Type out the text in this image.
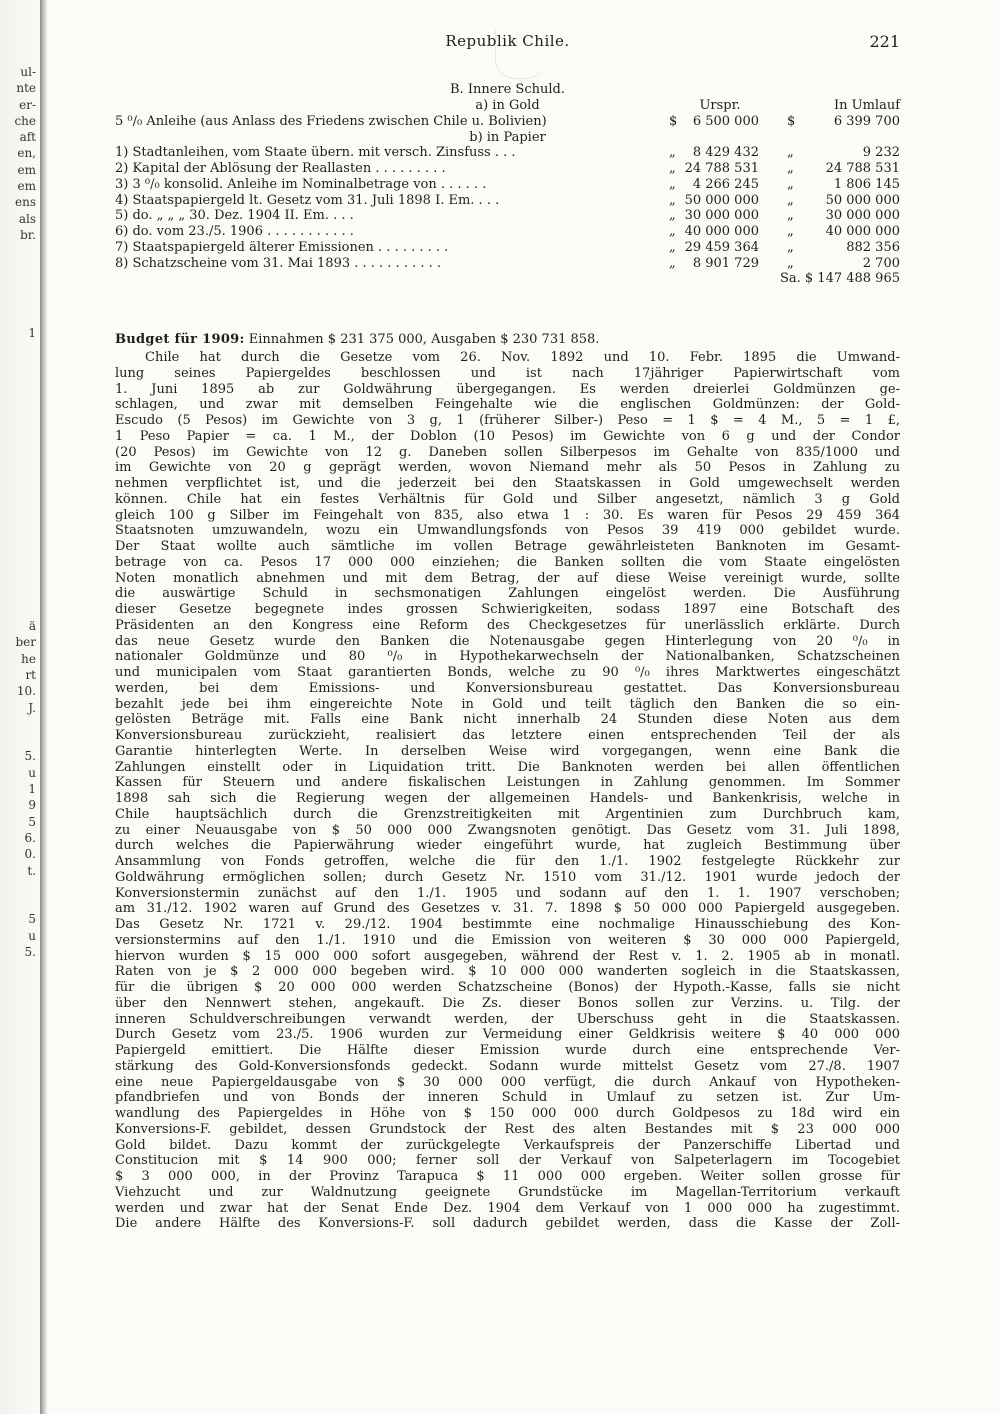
ul-
nte
er-
che
aft
en,
em
em
ens
als
br.

1

ä
ber
he
rt
10.
J.

5.
u
1
9
5
6.
0.
t.

5
u
5.
Republik Chile.	221
B. Innere Schuld.
a) in Gold	Urspr.	In Umlauf
5 ⁰/₀ Anleihe (aus Anlass des Friedens zwischen Chile u. Bolivien)	$	6 500 000 $	6 399 700
b) in Papier
1) Stadtanleihen, vom Staate übern. mit versch. Zinsfuss . . .	„	8 429 432 „	9 232
2) Kapital der Ablösung der Reallasten . . . . . . . . .	„ 24 788 531 „	24 788 531
3) 3 ⁰/₀ konsolid. Anleihe im Nominalbetrage von . . . . . .	„	4 266 245 „	1 806 145
4) Staatspapiergeld lt. Gesetz vom 31. Juli 1898 I. Em. . . .	„ 50 000 000 „	50 000 000
5) do. „ „ „ 30. Dez. 1904 II. Em. . . .	„ 30 000 000 „	30 000 000
6) do. vom 23./5. 1906 . . . . . . . . . . .	„ 40 000 000 „	40 000 000
7) Staatspapiergeld älterer Emissionen . . . . . . . . .	„ 29 459 364 „	882 356
8) Schatzscheine vom 31. Mai 1893 . . . . . . . . . . .	„	8 901 729 „	2 700
Sa. $ 147 488 965
Budget für 1909: Einnahmen $ 231 375 000, Ausgaben $ 230 731 858.
Chile hat durch die Gesetze vom 26. Nov. 1892 und 10. Febr. 1895 die Umwand-
lung seines Papiergeldes beschlossen und ist nach 17jähriger Papierwirtschaft vom
1. Juni 1895 ab zur Goldwährung übergegangen. Es werden dreierlei Goldmünzen ge-
schlagen, und zwar mit demselben Feingehalte wie die englischen Goldmünzen: der Gold-
Escudo (5 Pesos) im Gewichte von 3 g, 1 (früherer Silber-) Peso = 1 $ = 4 M., 5 = 1 £,
1 Peso Papier = ca. 1 M., der Doblon (10 Pesos) im Gewichte von 6 g und der Condor
(20 Pesos) im Gewichte von 12 g. Daneben sollen Silberpesos im Gehalte von 835/1000 und
im Gewichte von 20 g geprägt werden, wovon Niemand mehr als 50 Pesos in Zahlung zu
nehmen verpflichtet ist, und die jederzeit bei den Staatskassen in Gold umgewechselt werden
können. Chile hat ein festes Verhältnis für Gold und Silber angesetzt, nämlich 3 g Gold
gleich 100 g Silber im Feingehalt von 835, also etwa 1 : 30. Es waren für Pesos 29 459 364
Staatsnoten umzuwandeln, wozu ein Umwandlungsfonds von Pesos 39 419 000 gebildet wurde.
Der Staat wollte auch sämtliche im vollen Betrage gewährleisteten Banknoten im Gesamt-
betrage von ca. Pesos 17 000 000 einziehen; die Banken sollten die vom Staate eingelösten
Noten monatlich abnehmen und mit dem Betrag, der auf diese Weise vereinigt wurde, sollte
die auswärtige Schuld in sechsmonatigen Zahlungen eingelöst werden. Die Ausführung
dieser Gesetze begegnete indes grossen Schwierigkeiten, sodass 1897 eine Botschaft des
Präsidenten an den Kongress eine Reform des Checkgesetzes für unerlässlich erklärte. Durch
das neue Gesetz wurde den Banken die Notenausgabe gegen Hinterlegung von 20 ⁰/₀ in
nationaler Goldmünze und 80 ⁰/₀ in Hypothekarwechseln der Nationalbanken, Schatzscheinen
und municipalen vom Staat garantierten Bonds, welche zu 90 ⁰/₀ ihres Marktwertes eingeschätzt
werden, bei dem Emissions- und Konversionsbureau gestattet. Das Konversionsbureau
bezahlt jede bei ihm eingereichte Note in Gold und teilt täglich den Banken die so ein-
gelösten Beträge mit. Falls eine Bank nicht innerhalb 24 Stunden diese Noten aus dem
Konversionsbureau zurückzieht, realisiert das letztere einen entsprechenden Teil der als
Garantie hinterlegten Werte. In derselben Weise wird vorgegangen, wenn eine Bank die
Zahlungen einstellt oder in Liquidation tritt. Die Banknoten werden bei allen öffentlichen
Kassen für Steuern und andere fiskalischen Leistungen in Zahlung genommen. Im Sommer
1898 sah sich die Regierung wegen der allgemeinen Handels- und Bankenkrisis, welche in
Chile hauptsächlich durch die Grenzstreitigkeiten mit Argentinien zum Durchbruch kam,
zu einer Neuausgabe von $ 50 000 000 Zwangsnoten genötigt. Das Gesetz vom 31. Juli 1898,
durch welches die Papierwährung wieder eingeführt wurde, hat zugleich Bestimmung über
Ansammlung von Fonds getroffen, welche die für den 1./1. 1902 festgelegte Rückkehr zur
Goldwährung ermöglichen sollen; durch Gesetz Nr. 1510 vom 31./12. 1901 wurde jedoch der
Konversionstermin zunächst auf den 1./1. 1905 und sodann auf den 1. 1. 1907 verschoben;
am 31./12. 1902 waren auf Grund des Gesetzes v. 31. 7. 1898 $ 50 000 000 Papiergeld ausgegeben.
Das Gesetz Nr. 1721 v. 29./12. 1904 bestimmte eine nochmalige Hinausschiebung des Kon-
versionstermins auf den 1./1. 1910 und die Emission von weiteren $ 30 000 000 Papiergeld,
hiervon wurden $ 15 000 000 sofort ausgegeben, während der Rest v. 1. 2. 1905 ab in monatl.
Raten von je $ 2 000 000 begeben wird. $ 10 000 000 wanderten sogleich in die Staatskassen,
für die übrigen $ 20 000 000 werden Schatzscheine (Bonos) der Hypoth.-Kasse, falls sie nicht
über den Nennwert stehen, angekauft. Die Zs. dieser Bonos sollen zur Verzins. u. Tilg. der
inneren Schuldverschreibungen verwandt werden, der Überschuss geht in die Staatskassen.
Durch Gesetz vom 23./5. 1906 wurden zur Vermeidung einer Geldkrisis weitere $ 40 000 000
Papiergeld emittiert. Die Hälfte dieser Emission wurde durch eine entsprechende Ver-
stärkung des Gold-Konversionsfonds gedeckt. Sodann wurde mittelst Gesetz vom 27./8. 1907
eine neue Papiergeldausgabe von $ 30 000 000 verfügt, die durch Ankauf von Hypotheken-
pfandbriefen und von Bonds der inneren Schuld in Umlauf zu setzen ist. Zur Um-
wandlung des Papiergeldes in Höhe von $ 150 000 000 durch Goldpesos zu 18d wird ein
Konversions-F. gebildet, dessen Grundstock der Rest des alten Bestandes mit $ 23 000 000
Gold bildet. Dazu kommt der zurückgelegte Verkaufspreis der Panzerschiffe Libertad und
Constitucion mit $ 14 900 000; ferner soll der Verkauf von Salpeterlagern im Tocogebiet
$ 3 000 000, in der Provinz Tarapuca $ 11 000 000 ergeben. Weiter sollen grosse für
Viehzucht und zur Waldnutzung geeignete Grundstücke im Magellan-Territorium verkauft
werden und zwar hat der Senat Ende Dez. 1904 dem Verkauf von 1 000 000 ha zugestimmt.
Die andere Hälfte des Konversions-F. soll dadurch gebildet werden, dass die Kasse der Zoll-
